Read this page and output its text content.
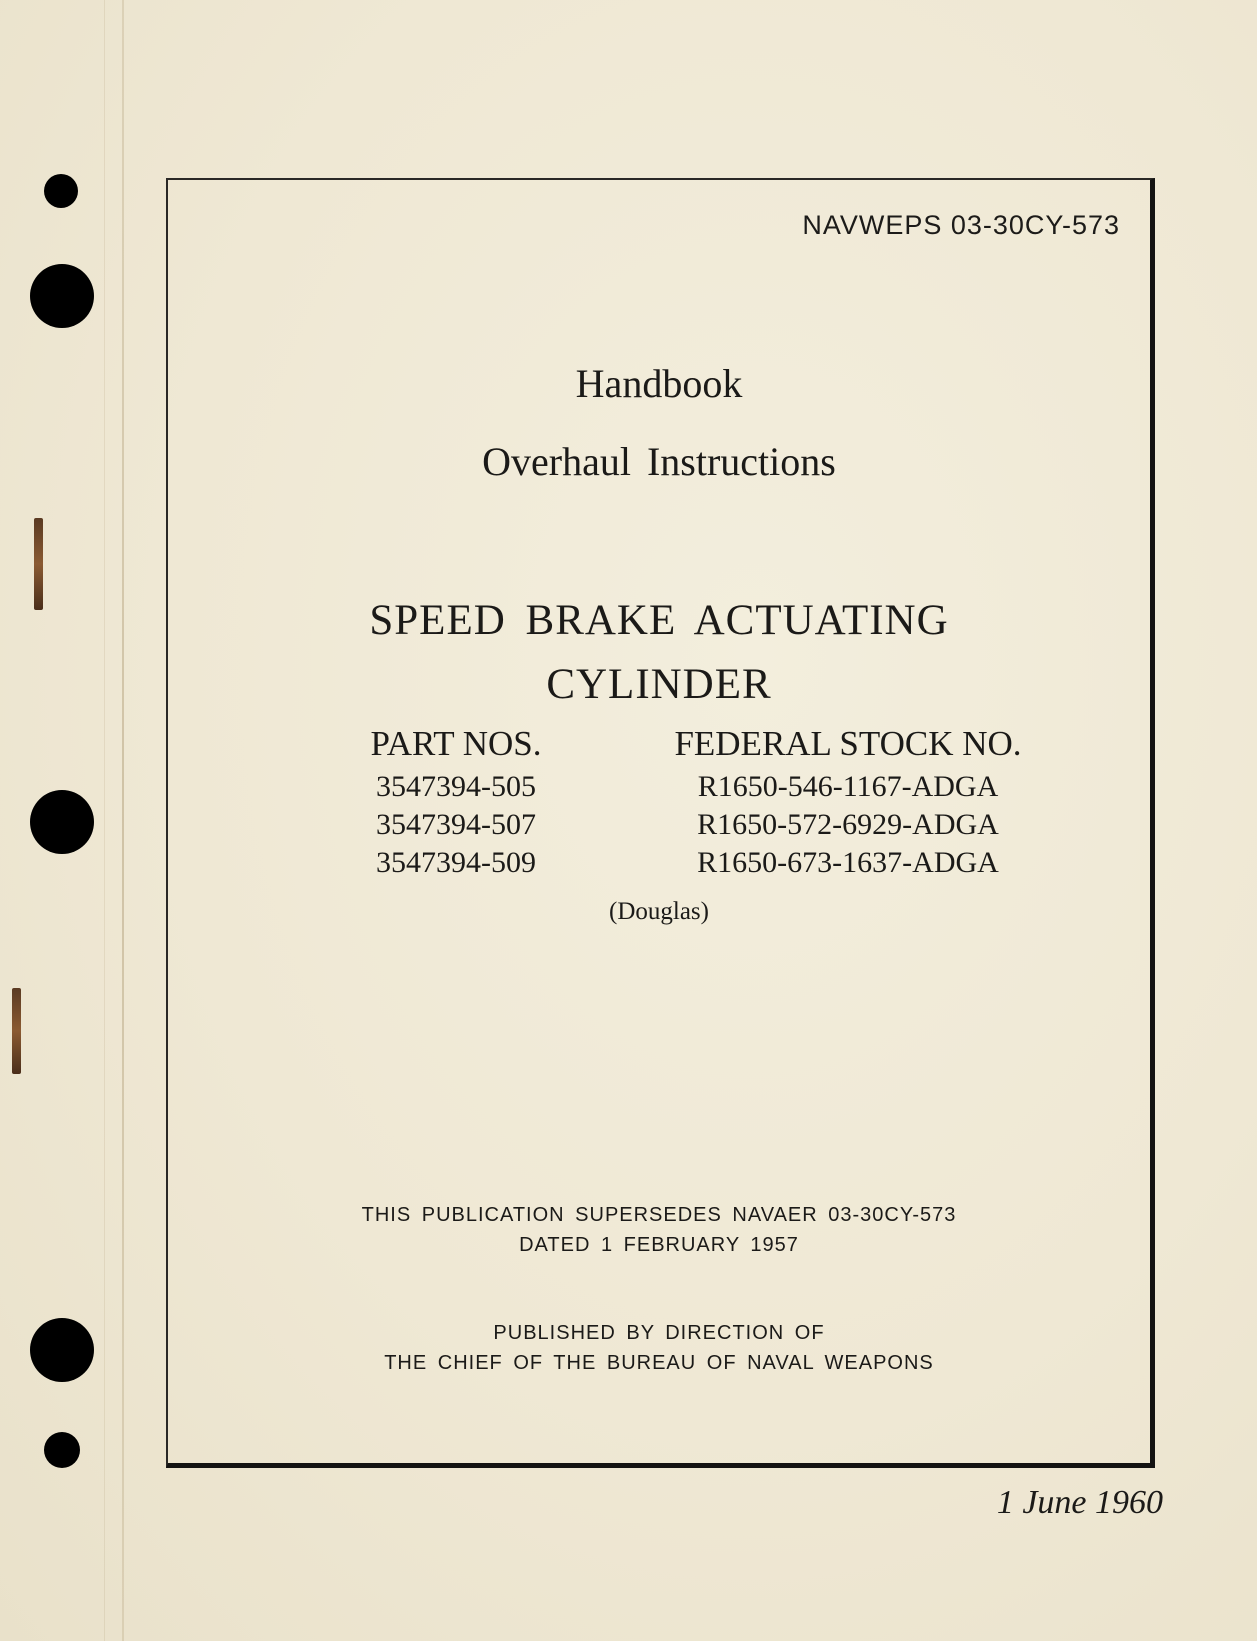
NAVWEPS 03-30CY-573
Handbook
Overhaul Instructions
SPEED BRAKE ACTUATING
CYLINDER
PART NOS.
3547394-505
3547394-507
3547394-509
FEDERAL STOCK NO.
R1650-546-1167-ADGA
R1650-572-6929-ADGA
R1650-673-1637-ADGA
(Douglas)
THIS PUBLICATION SUPERSEDES NAVAER 03-30CY-573
DATED 1 FEBRUARY 1957
PUBLISHED BY DIRECTION OF
THE CHIEF OF THE BUREAU OF NAVAL WEAPONS
1 June 1960
